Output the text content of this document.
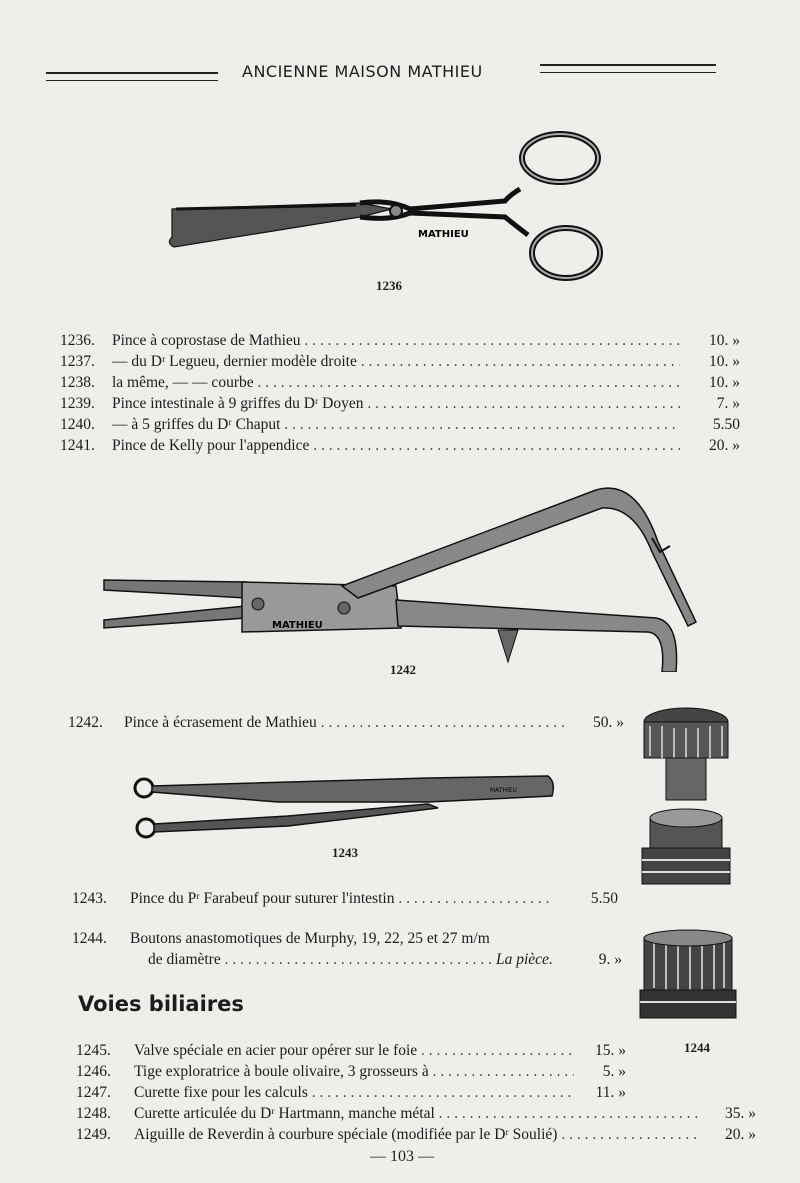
ANCIENNE MAISON MATHIEU
MATHIEU
1236
1236.	Pince à coprostase de Mathieu . . .	10. »
1237.	— du Dʳ Legueu, dernier modèle droite . . .	10. »
1238.	la même, — — courbe . . .	10. »
1239.	Pince intestinale à 9 griffes du Dʳ Doyen . . .	7. »
1240.	— à 5 griffes du Dʳ Chaput . . .	5.50
1241.	Pince de Kelly pour l'appendice . . .	20. »
MATHIEU
1242
1242.	Pince à écrasement de Mathieu . . .	50. »
MATHIEU
1243
1244
1243.	Pince du Pʳ Farabeuf pour suturer l'intestin . . .	5.50
1244.	Boutons anastomotiques de Murphy, 19, 22, 25 et 27 m/m
de diamètre . . .	La pièce.	9. »
Voies biliaires
1245.	Valve spéciale en acier pour opérer sur le foie . . .	15. »
1246.	Tige exploratrice à boule olivaire, 3 grosseurs à . . .	5. »
1247.	Curette fixe pour les calculs . . .	11. »
1248.	Curette articulée du Dʳ Hartmann, manche métal . . .	35. »
1249.	Aiguille de Reverdin à courbure spéciale (modifiée par le Dʳ Soulié) . . .	20. »
— 103 —
